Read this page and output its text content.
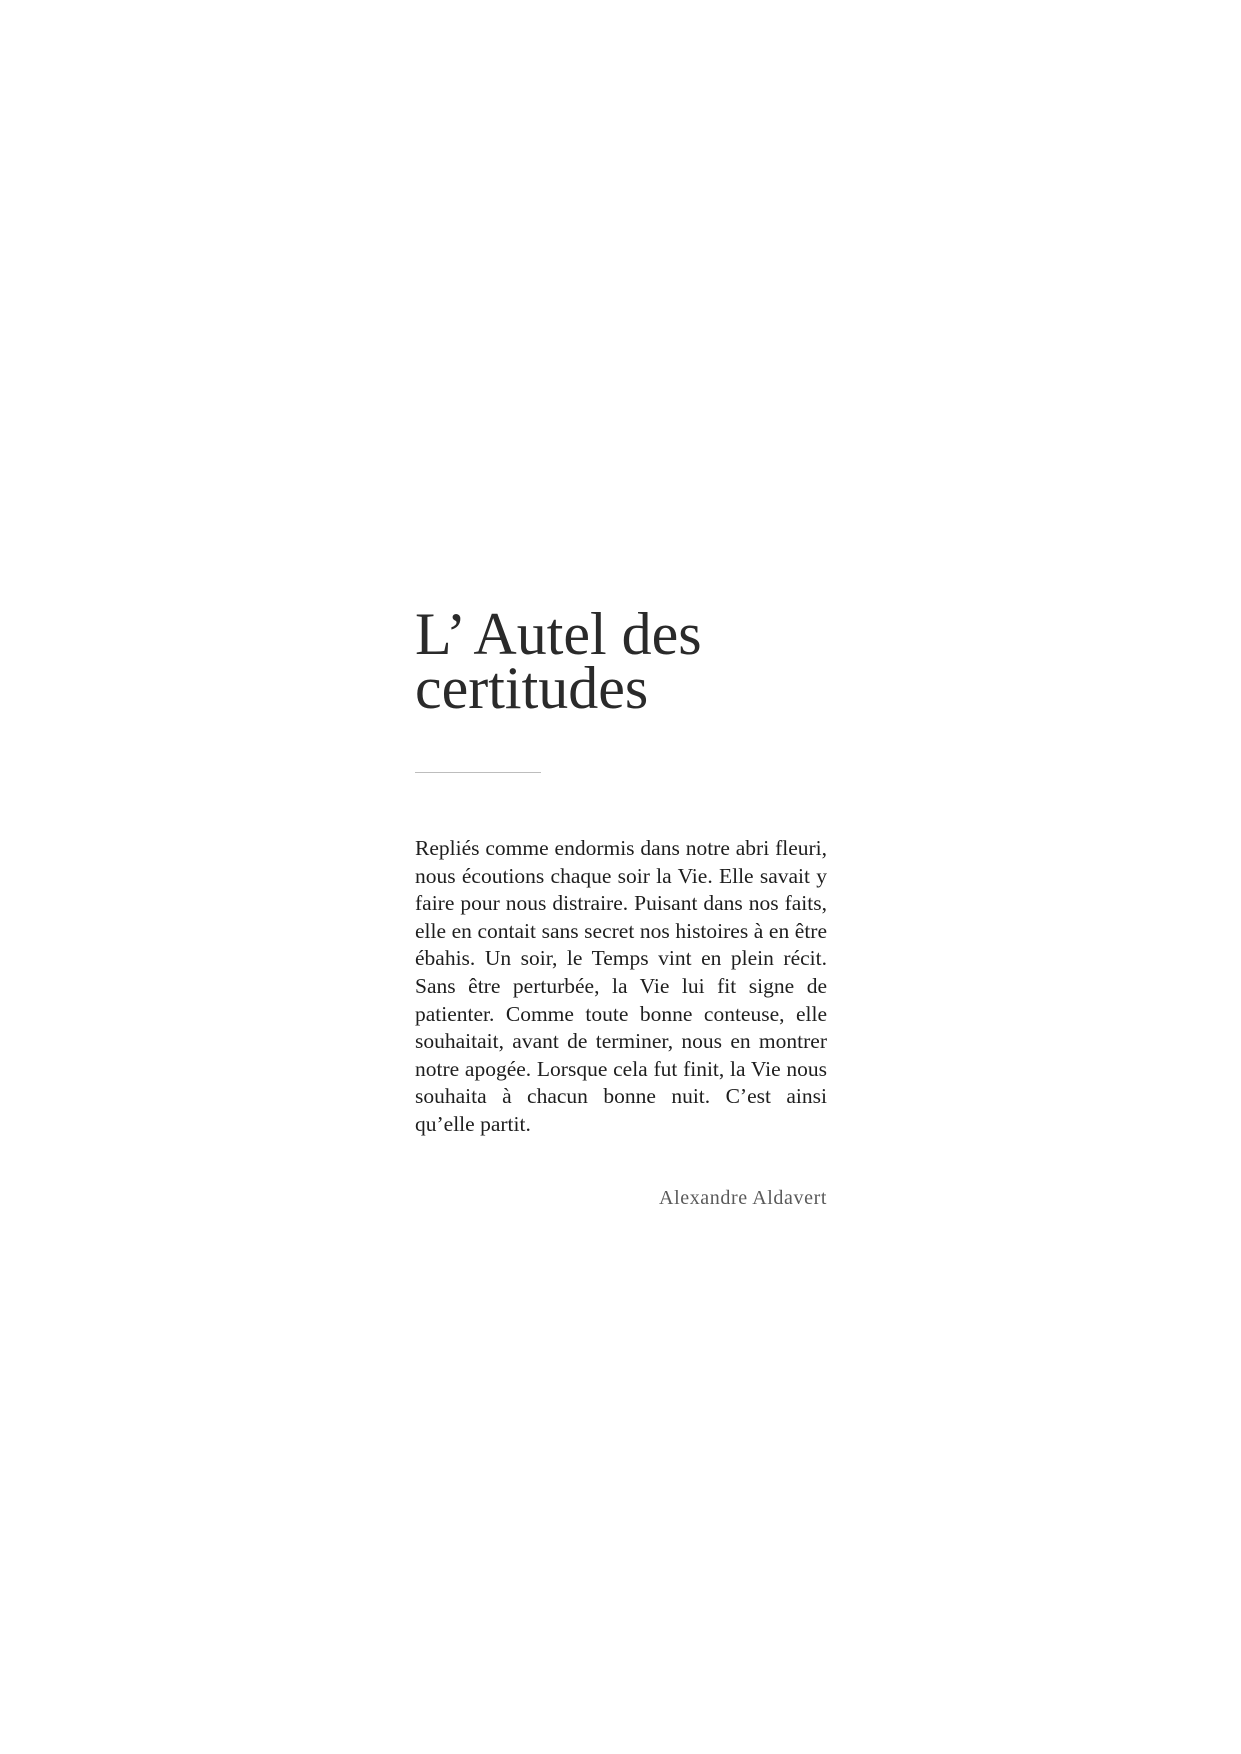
L’ Autel des
certitudes

Repliés comme endormis dans notre abri fleuri, nous écoutions chaque soir la Vie. Elle savait y faire pour nous distraire. Puisant dans nos faits, elle en contait sans secret nos histoires à en être ébahis. Un soir, le Temps vint en plein récit. Sans être perturbée, la Vie lui fit signe de patienter. Comme toute bonne conteuse, elle souhaitait, avant de terminer, nous en montrer notre apogée. Lorsque cela fut finit, la Vie nous souhaita à chacun bonne nuit. C’est ainsi qu’elle partit.

Alexandre Aldavert
